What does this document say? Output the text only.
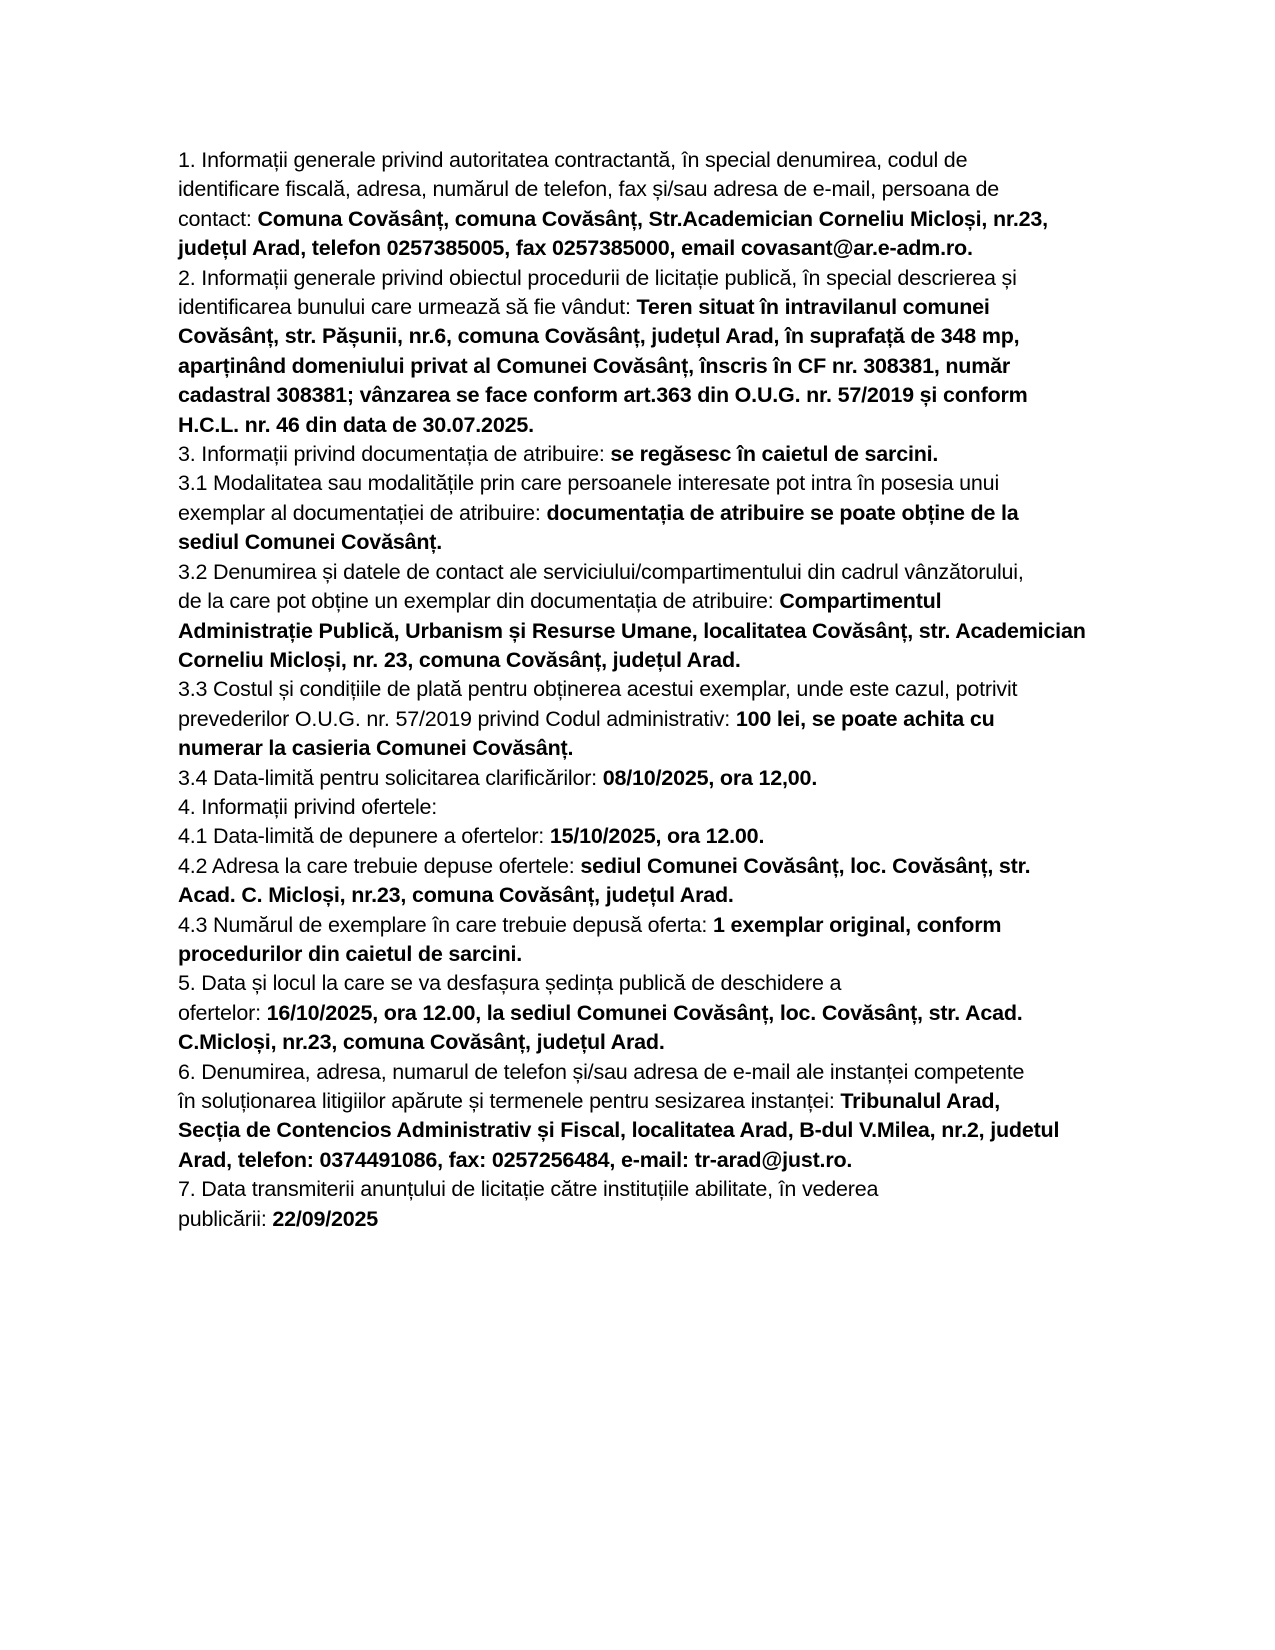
1. Informații generale privind autoritatea contractantă, în special denumirea, codul de
identificare fiscală, adresa, numărul de telefon, fax și/sau adresa de e-mail, persoana de
contact: Comuna Covăsânț, comuna Covăsânț, Str.Academician Corneliu Micloși, nr.23,
județul Arad, telefon 0257385005, fax 0257385000, email covasant@ar.e-adm.ro.
2. Informații generale privind obiectul procedurii de licitație publică, în special descrierea și
identificarea bunului care urmează să fie vândut: Teren situat în intravilanul comunei
Covăsânț, str. Pășunii, nr.6, comuna Covăsânț, județul Arad, în suprafață de 348 mp,
aparținând domeniului privat al Comunei Covăsânț, înscris în CF nr. 308381, număr
cadastral 308381; vânzarea se face conform art.363 din O.U.G. nr. 57/2019 și conform
H.C.L. nr. 46 din data de 30.07.2025.
3. Informații privind documentația de atribuire: se regăsesc în caietul de sarcini.
3.1 Modalitatea sau modalitățile prin care persoanele interesate pot intra în posesia unui
exemplar al documentației de atribuire: documentația de atribuire se poate obține de la
sediul Comunei Covăsânț.
3.2 Denumirea și datele de contact ale serviciului/compartimentului din cadrul vânzătorului,
de la care pot obține un exemplar din documentația de atribuire: Compartimentul
Administrație Publică, Urbanism și Resurse Umane, localitatea Covăsânț, str. Academician
Corneliu Micloși, nr. 23, comuna Covăsânț, județul Arad.
3.3 Costul și condițiile de plată pentru obținerea acestui exemplar, unde este cazul, potrivit
prevederilor O.U.G. nr. 57/2019 privind Codul administrativ: 100 lei, se poate achita cu
numerar la casieria Comunei Covăsânț.
3.4 Data-limită pentru solicitarea clarificărilor: 08/10/2025, ora 12,00.
4. Informații privind ofertele:
4.1 Data-limită de depunere a ofertelor: 15/10/2025, ora 12.00.
4.2 Adresa la care trebuie depuse ofertele: sediul Comunei Covăsânț, loc. Covăsânț, str.
Acad. C. Micloși, nr.23, comuna Covăsânț, județul Arad.
4.3 Numărul de exemplare în care trebuie depusă oferta: 1 exemplar original, conform
procedurilor din caietul de sarcini.
5. Data și locul la care se va desfașura ședința publică de deschidere a
ofertelor: 16/10/2025, ora 12.00, la sediul Comunei Covăsânț, loc. Covăsânț, str. Acad.
C.Micloși, nr.23, comuna Covăsânț, județul Arad.
6. Denumirea, adresa, numarul de telefon și/sau adresa de e-mail ale instanței competente
în soluționarea litigiilor apărute și termenele pentru sesizarea instanței: Tribunalul Arad,
Secția de Contencios Administrativ și Fiscal, localitatea Arad, B-dul V.Milea, nr.2, judetul
Arad, telefon: 0374491086, fax: 0257256484, e-mail: tr-arad@just.ro.
7. Data transmiterii anunțului de licitație către instituțiile abilitate, în vederea
publicării: 22/09/2025
